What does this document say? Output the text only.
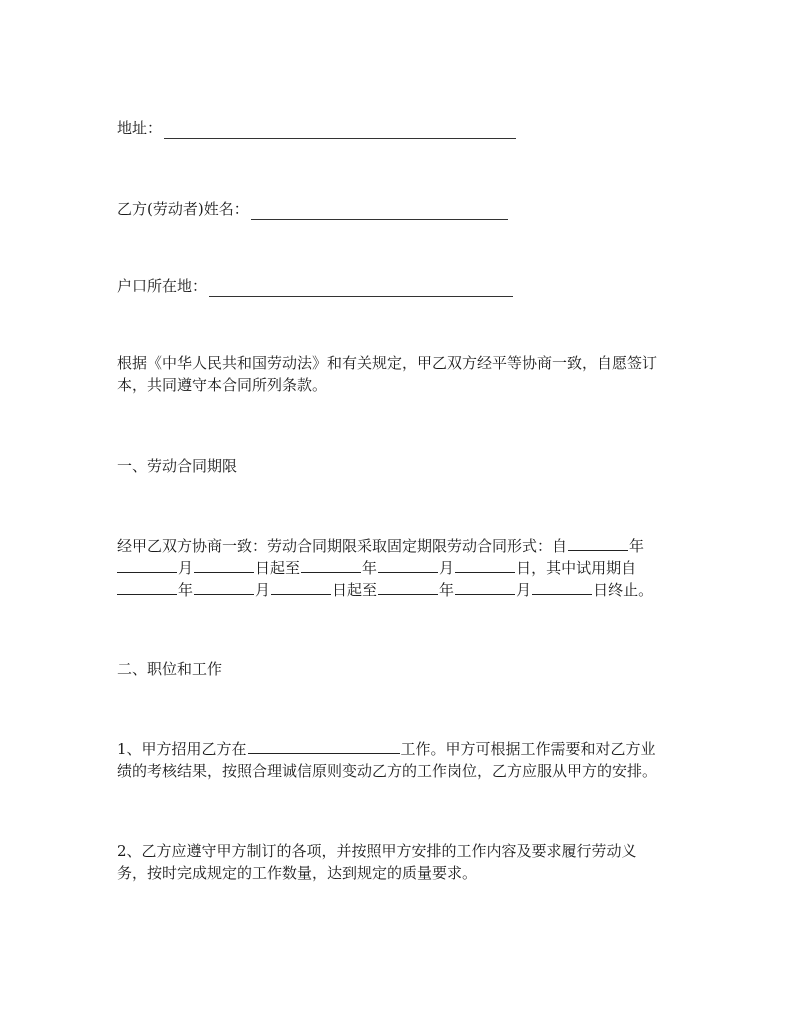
地址：
乙方(劳动者)姓名：
户口所在地：
根据《中华人民共和国劳动法》和有关规定，甲乙双方经平等协商一致，自愿签订
本，共同遵守本合同所列条款。
一、劳动合同期限
经甲乙双方协商一致：劳动合同期限采取固定期限劳动合同形式：自	年
月	日起至	年	月	日，其中试用期自
年	月	日起至	年	月	日终止。
二、职位和工作
1、甲方招用乙方在	工作。甲方可根据工作需要和对乙方业
绩的考核结果，按照合理诚信原则变动乙方的工作岗位，乙方应服从甲方的安排。
2、乙方应遵守甲方制订的各项，并按照甲方安排的工作内容及要求履行劳动义
务，按时完成规定的工作数量，达到规定的质量要求。
